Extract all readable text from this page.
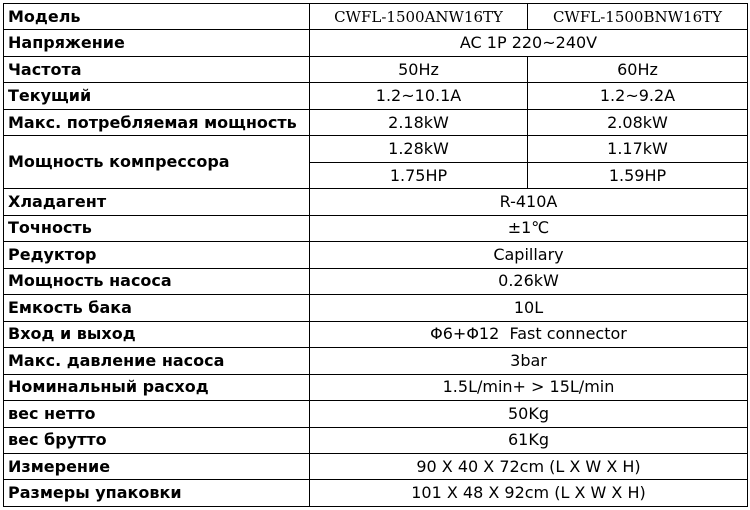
Модель	CWFL-1500ANW16TY	CWFL-1500BNW16TY
Напряжение	AC 1P 220~240V	
Частота	50Hz	60Hz
Текущий	1.2~10.1A	1.2~9.2A
Макс. потребляемая мощность	2.18kW	2.08kW
Мощность компрессора	1.28kW	1.17kW
	1.75HP	1.59HP
Хладагент	R-410A	
Точность	±1℃	
Редуктор	Capillary	
Мощность насоса	0.26kW	
Емкость бака	10L	
Вход и выход	Φ6+Φ12  Fast connector	
Макс. давление насоса	3bar	
Номинальный расход	1.5L/min+ > 15L/min	
вес нетто	50Kg	
вес брутто	61Kg	
Измерение	90 X 40 X 72cm (L X W X H)	
Размеры упаковки	101 X 48 X 92cm (L X W X H)	
